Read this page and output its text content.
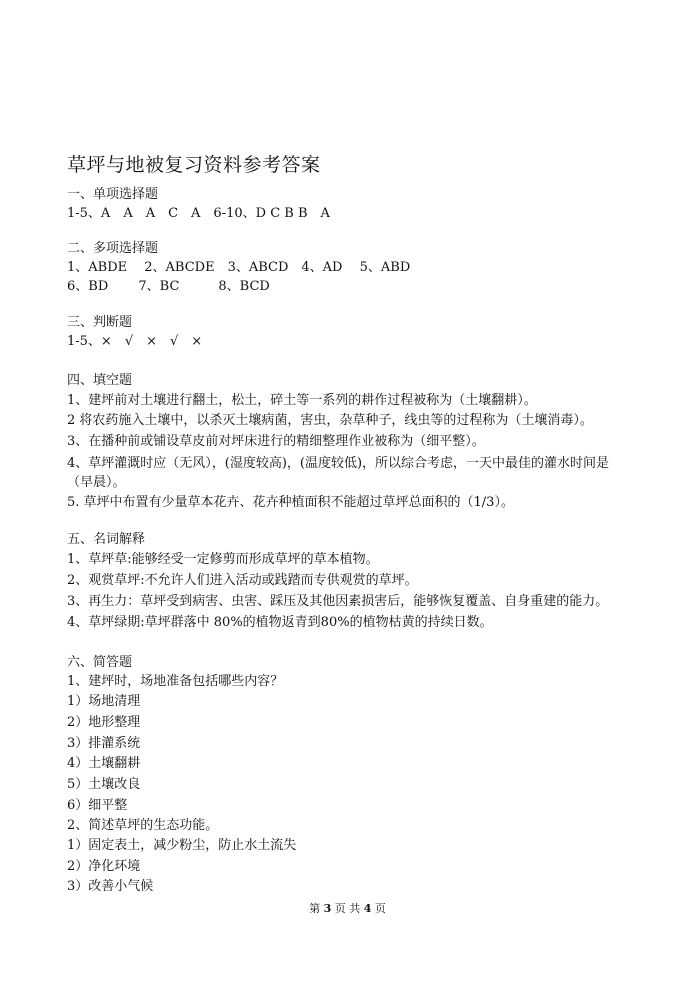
草坪与地被复习资料参考答案
一、单项选择题
1-5、A　A　A　C　A　6-10、D C B B　A
二、多项选择题
1、ABDE　 2、ABCDE　3、ABCD　4、AD　 5、ABD
6、BD　　 7、BC　　　8、BCD
三、判断题
1-5、×　√　×　√　×
四、填空题
1、建坪前对土壤进行翻土，松土，碎土等一系列的耕作过程被称为（土壤翻耕）。
2 将农药施入土壤中，以杀灭土壤病菌，害虫，杂草种子，线虫等的过程称为（土壤消毒）。
3、在播种前或铺设草皮前对坪床进行的精细整理作业被称为（细平整）。
4、草坪灌溉时应（无风），(湿度较高)，(温度较低)，所以综合考虑，一天中最佳的灌水时间是
（早晨）。
5. 草坪中布置有少量草本花卉、花卉种植面积不能超过草坪总面积的（1/3）。
五、名词解释
1、草坪草:能够经受一定修剪而形成草坪的草本植物。
2、观赏草坪:不允许人们进入活动或践踏而专供观赏的草坪。
3、再生力：草坪受到病害、虫害、踩压及其他因素损害后，能够恢复覆盖、自身重建的能力。
4、草坪绿期:草坪群落中 80%的植物返青到80%的植物枯黄的持续日数。
六、简答题
1、建坪时，场地准备包括哪些内容？
1）场地清理
2）地形整理
3）排灌系统
4）土壤翻耕
5）土壤改良
6）细平整
2、简述草坪的生态功能。
1）固定表土，减少粉尘，防止水土流失
2）净化环境
3）改善小气候
第 3 页 共 4 页
